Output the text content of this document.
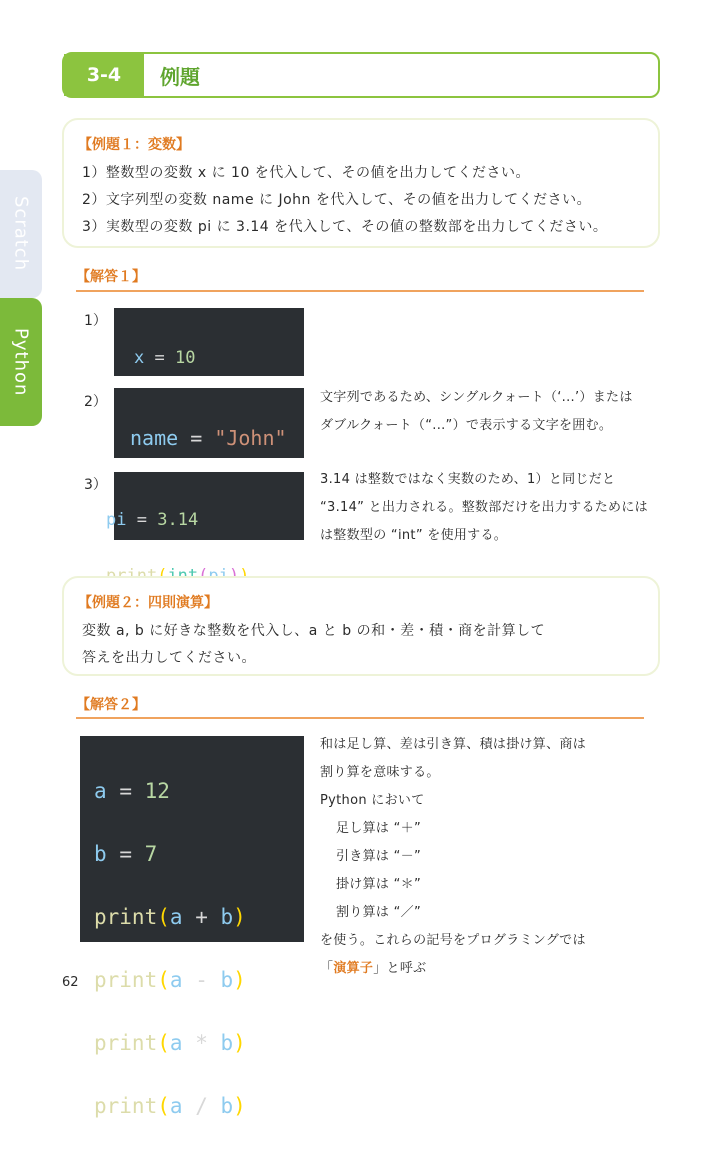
3-4	例題
Scratch
Python
【例題１：変数】
1）整数型の変数 x に 10 を代入して、その値を出力してください。
2）文字列型の変数 name に John を代入して、その値を出力してください。
3）実数型の変数 pi に 3.14 を代入して、その値の整数部を出力してください。
【解答１】
1）

x = 10

2）

name = "John"

文字列であるため、シングルクォート（‘...’）または
ダブルクォート（“...”）で表示する文字を囲む。
3）

pi = 3.14

3.14 は整数ではなく実数のため、1）と同じだと
“3.14” と出力される。整数部だけを出力するためには
は整数型の “int” を使用する。
【例題２：四則演算】
変数 a, b に好きな整数を代入し、a と b の和・差・積・商を計算して
答えを出力してください。
【解答２】

a = 12

b = 7

print(a + b)

print(a - b)

print(a * b)

print(a / b)

和は足し算、差は引き算、積は掛け算、商は
割り算を意味する。
Python において
足し算は “＋”
引き算は “－”
掛け算は “＊”
割り算は “／”
を使う。これらの記号をプログラミングでは
「演算子」と呼ぶ
62
